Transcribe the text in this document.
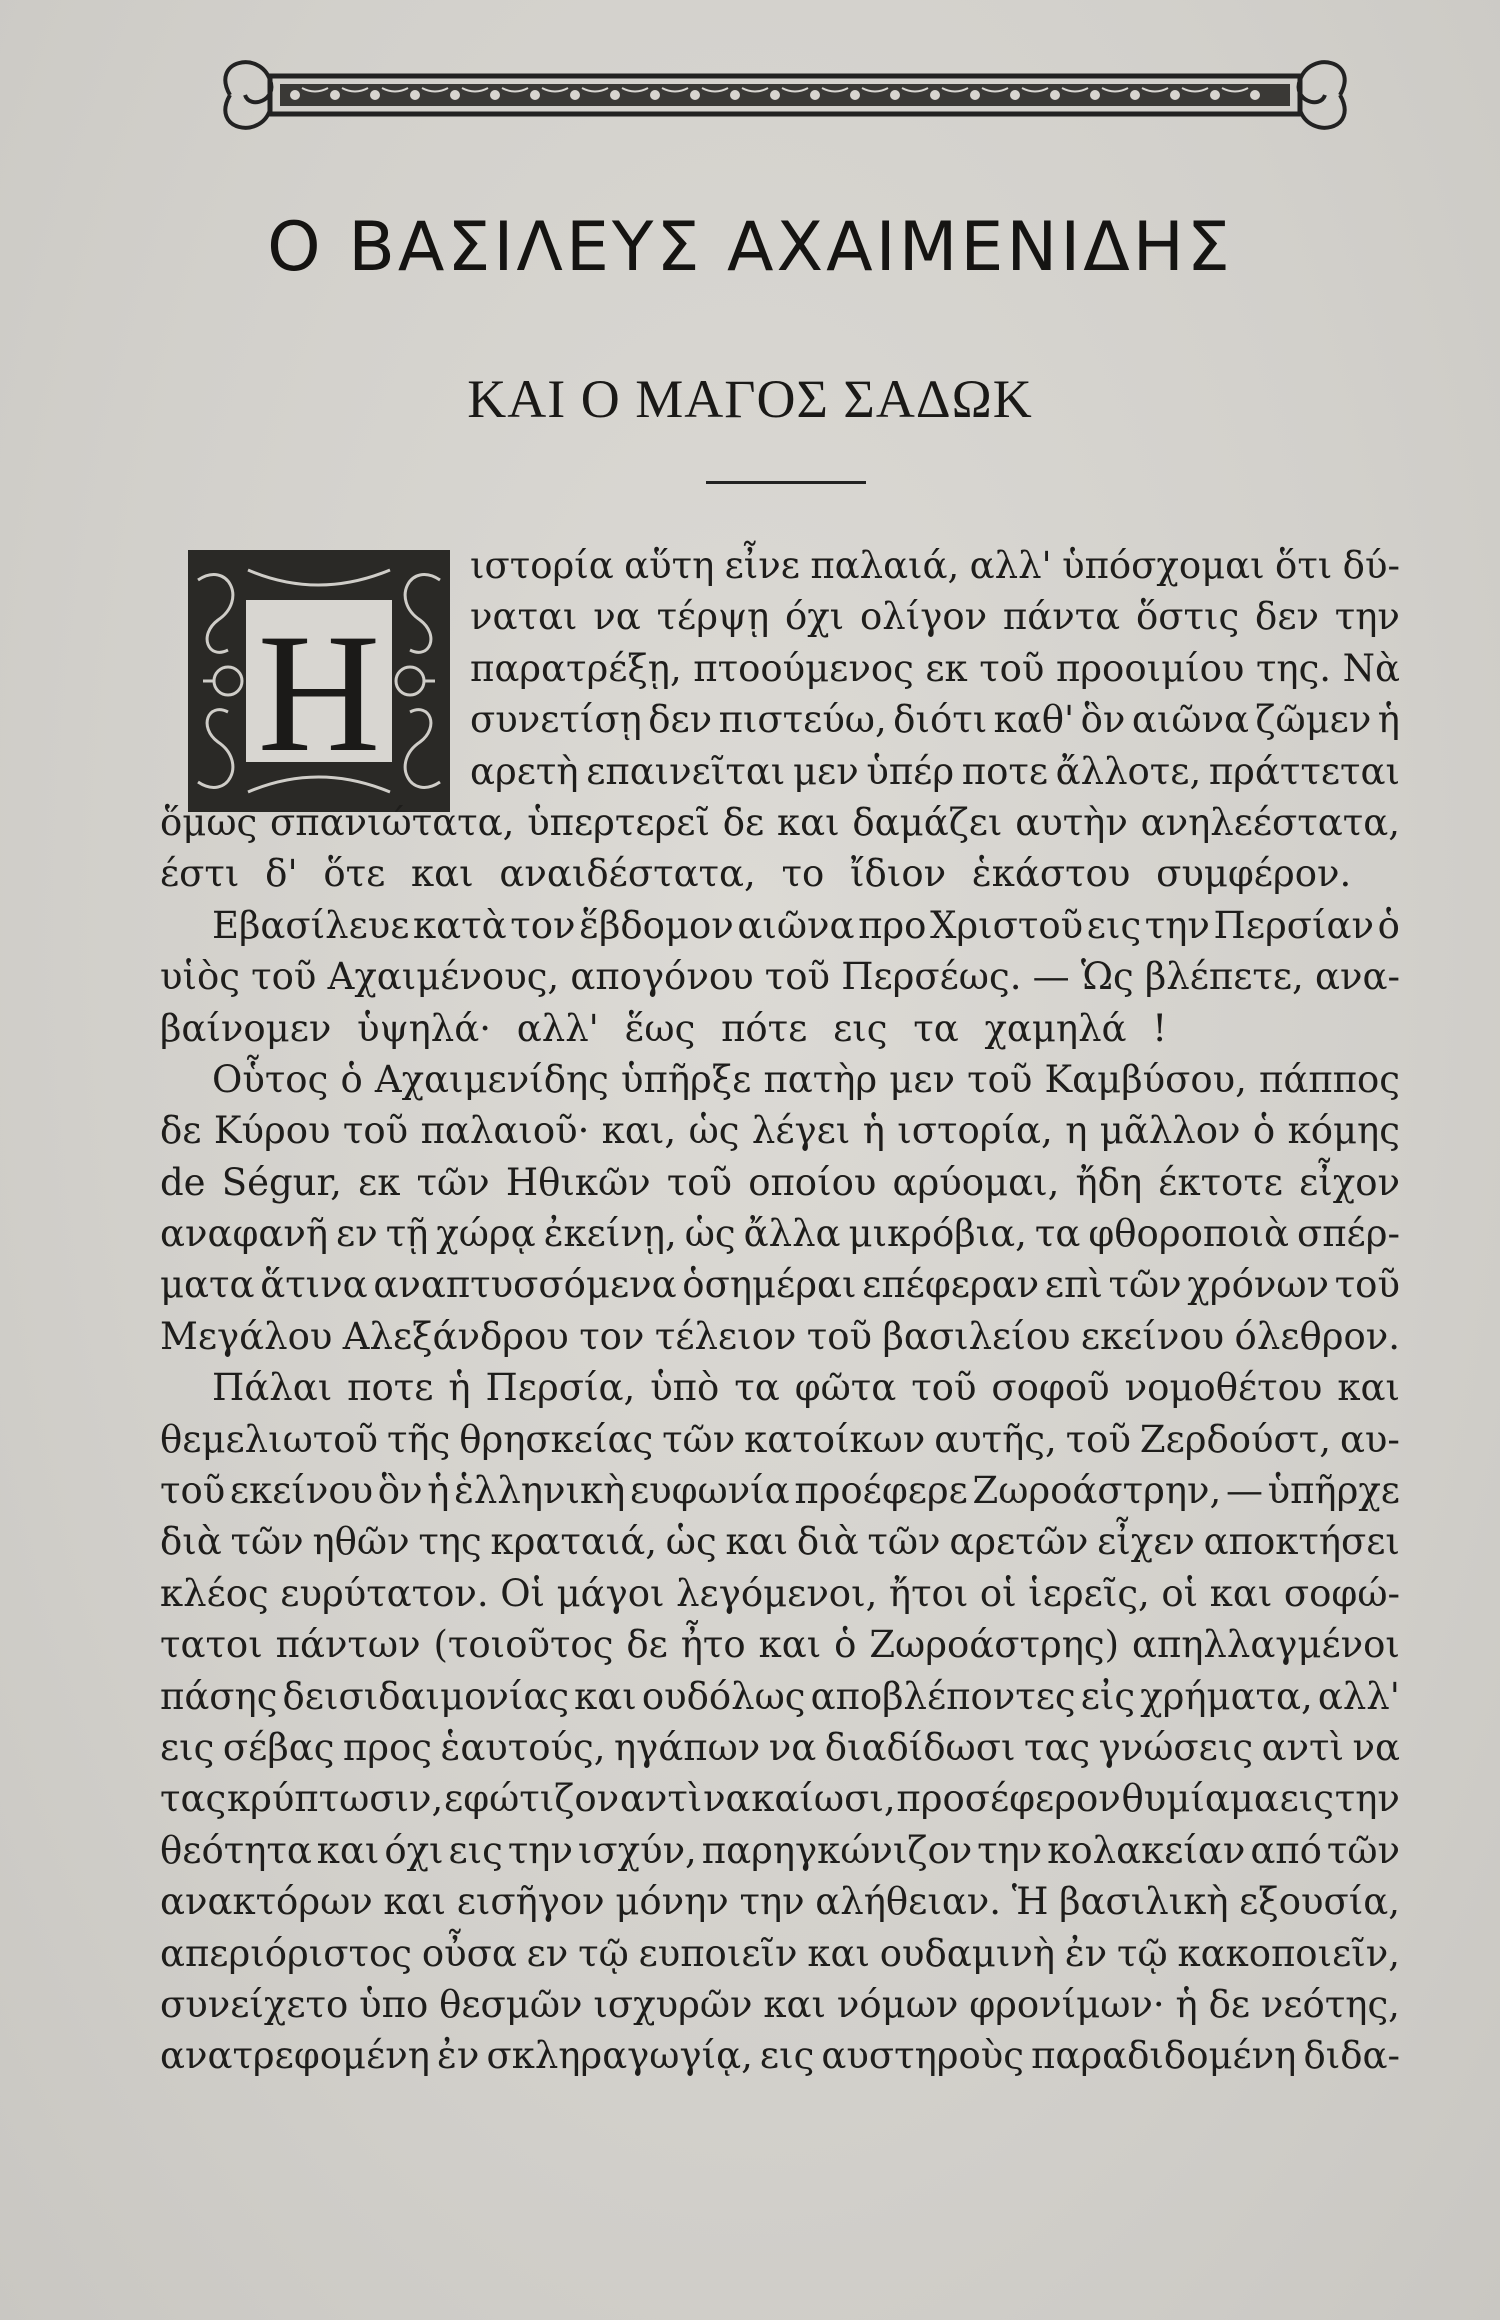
Ο ΒΑΣΙΛΕΥΣ ΑΧΑΙΜΕΝΙΔΗΣ
ΚΑΙ Ο ΜΑΓΟΣ ΣΑΔΩΚ
Η
ιστορία αὕτη εἶνε παλαιά, αλλ' ὑπόσχομαι ὅτι δύ-
ναται να τέρψῃ όχι ολίγον πάντα ὅστις δεν την
παρατρέξῃ, πτοούμενος εκ τοῦ προοιμίου της. Νὰ
συνετίσῃ δεν πιστεύω, διότι καθ' ὃν αιῶνα ζῶμεν ἡ
αρετὴ επαινεῖται μεν ὑπέρ ποτε ἄλλοτε, πράττεται
ὅμως σπανιώτατα, ὑπερτερεῖ δε και δαμάζει αυτὴν ανηλεέστατα,
έστι δ' ὅτε και αναιδέστατα, το ἴδιον ἑκάστου συμφέρον.
Εβασίλευε κατὰ τον ἕβδομον αιῶνα προ Χριστοῦ εις την Περσίαν ὁ
υἱὸς τοῦ Αχαιμένους, απογόνου τοῦ Περσέως. — Ὡς βλέπετε, ανα-
βαίνομεν ὑψηλά· αλλ' ἕως πότε εις τα χαμηλά !
Οὗτος ὁ Αχαιμενίδης ὑπῆρξε πατὴρ μεν τοῦ Καμβύσου, πάππος
δε Κύρου τοῦ παλαιοῦ· και, ὡς λέγει ἡ ιστορία, η μᾶλλον ὁ κόμης
de Ségur, εκ τῶν Ηθικῶν τοῦ οποίου αρύομαι, ἤδη έκτοτε εἶχον
αναφανῆ εν τῇ χώρᾳ ἐκείνῃ, ὡς ἄλλα μικρόβια, τα φθοροποιὰ σπέρ-
ματα ἅτινα αναπτυσσόμενα ὁσημέραι επέφεραν επὶ τῶν χρόνων τοῦ
Μεγάλου Αλεξάνδρου τον τέλειον τοῦ βασιλείου εκείνου όλεθρον.
Πάλαι ποτε ἡ Περσία, ὑπὸ τα φῶτα τοῦ σοφοῦ νομοθέτου και
θεμελιωτοῦ τῆς θρησκείας τῶν κατοίκων αυτῆς, τοῦ Ζερδούστ, αυ-
τοῦ εκείνου ὃν ἡ ἑλληνικὴ ευφωνία προέφερε Ζωροάστρην, — ὑπῆρχε
διὰ τῶν ηθῶν της κραταιά, ὡς και διὰ τῶν αρετῶν εἶχεν αποκτήσει
κλέος ευρύτατον. Οἱ μάγοι λεγόμενοι, ἤτοι οἱ ἱερεῖς, οἱ και σοφώ-
τατοι πάντων (τοιοῦτος δε ἦτο και ὁ Ζωροάστρης) απηλλαγμένοι
πάσης δεισιδαιμονίας και ουδόλως αποβλέποντες εἰς χρήματα, αλλ'
εις σέβας προς ἑαυτούς, ηγάπων να διαδίδωσι τας γνώσεις αντὶ να
τας κρύπτωσιν, εφώτιζον αντὶ να καίωσι, προσέφερον θυμίαμα εις την
θεότητα και όχι εις την ισχύν, παρηγκώνιζον την κολακείαν από τῶν
ανακτόρων και εισῆγον μόνην την αλήθειαν. Ἡ βασιλικὴ εξουσία,
απεριόριστος οὖσα εν τῷ ευποιεῖν και ουδαμινὴ ἐν τῷ κακοποιεῖν,
συνείχετο ὑπο θεσμῶν ισχυρῶν και νόμων φρονίμων· ἡ δε νεότης,
ανατρεφομένη ἐν σκληραγωγίᾳ, εις αυστηροὺς παραδιδομένη διδα-
